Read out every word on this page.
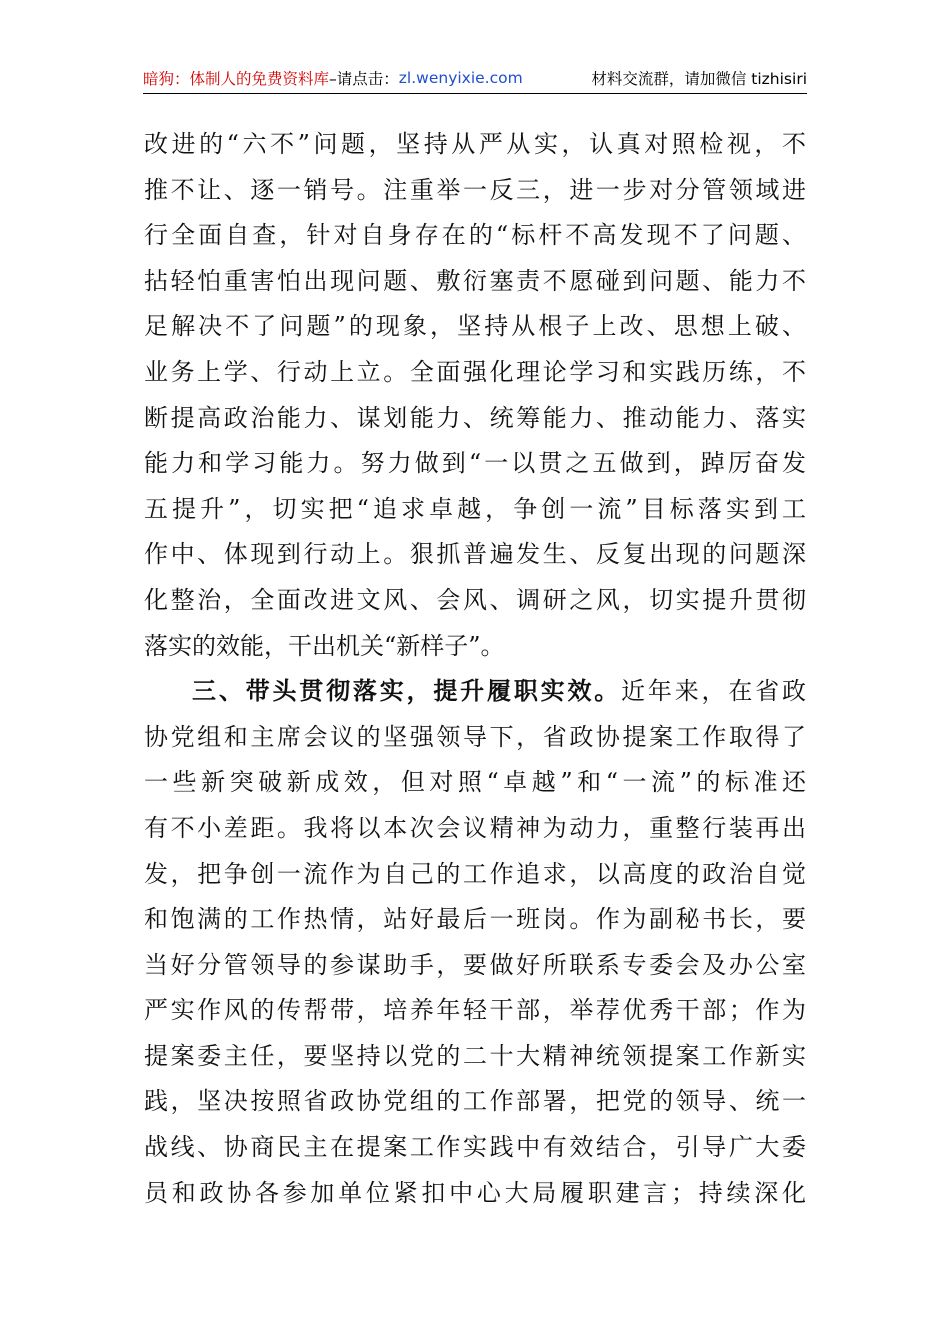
暗狗：体制人的免费资料库 –请点击： zl.wenyixie.com	材料交流群，请加微信 tizhisiri
改进的“六不”问题，坚持从严从实，认真对照检视，不
推不让、逐一销号。注重举一反三，进一步对分管领域进
行全面自查，针对自身存在的“标杆不高发现不了问题、
拈轻怕重害怕出现问题、敷衍塞责不愿碰到问题、能力不
足解决不了问题”的现象，坚持从根子上改、思想上破、
业务上学、行动上立。全面强化理论学习和实践历练，不
断提高政治能力、谋划能力、统筹能力、推动能力、落实
能力和学习能力。努力做到“一以贯之五做到，踔厉奋发
五提升”，切实把“追求卓越，争创一流”目标落实到工
作中、体现到行动上。狠抓普遍发生、反复出现的问题深
化整治，全面改进文风、会风、调研之风，切实提升贯彻
落实的效能，干出机关“新样子”。
三、带头贯彻落实，提升履职实效。近年来，在省政
协党组和主席会议的坚强领导下，省政协提案工作取得了
一些新突破新成效，但对照“卓越”和“一流”的标准还
有不小差距。我将以本次会议精神为动力，重整行装再出
发，把争创一流作为自己的工作追求，以高度的政治自觉
和饱满的工作热情，站好最后一班岗。作为副秘书长，要
当好分管领导的参谋助手，要做好所联系专委会及办公室
严实作风的传帮带，培养年轻干部，举荐优秀干部；作为
提案委主任，要坚持以党的二十大精神统领提案工作新实
践，坚决按照省政协党组的工作部署，把党的领导、统一
战线、协商民主在提案工作实践中有效结合，引导广大委
员和政协各参加单位紧扣中心大局履职建言；持续深化
